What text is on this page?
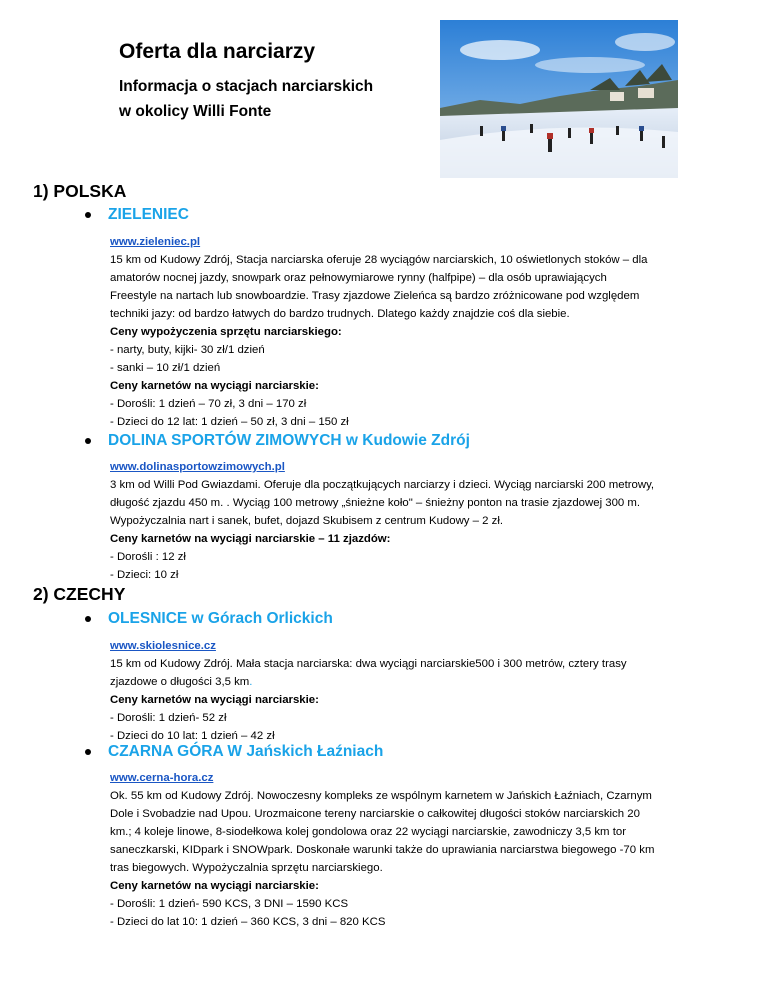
Oferta dla narciarzy
Informacja o stacjach narciarskich
w okolicy Willi Fonte
1) POLSKA
ZIELENIEC
www.zieleniec.pl
15 km od Kudowy Zdrój, Stacja narciarska oferuje 28 wyciągów narciarskich, 10 oświetlonych stoków – dla
amatorów nocnej jazdy, snowpark oraz pełnowymiarowe rynny (halfpipe) – dla osób uprawiających
Freestyle na nartach lub snowboardzie. Trasy zjazdowe Zieleńca są bardzo zróżnicowane pod względem
techniki jazy: od bardzo łatwych do bardzo trudnych. Dlatego każdy znajdzie coś dla siebie.
Ceny wypożyczenia sprzętu narciarskiego:
- narty, buty, kijki- 30 zł/1 dzień
- sanki – 10 zł/1 dzień
Ceny karnetów na wyciągi narciarskie:
- Dorośli: 1 dzień – 70 zł, 3 dni – 170 zł
- Dzieci do 12 lat: 1 dzień – 50 zł, 3 dni – 150 zł
DOLINA SPORTÓW ZIMOWYCH w Kudowie Zdrój
www.dolinasportowzimowych.pl
3 km od Willi Pod Gwiazdami. Oferuje dla początkujących narciarzy i dzieci. Wyciąg narciarski 200 metrowy,
długość zjazdu 450 m. . Wyciąg 100 metrowy „śnieżne koło" – śnieżny ponton na trasie zjazdowej 300 m.
Wypożyczalnia nart i sanek, bufet, dojazd Skubisem z centrum Kudowy – 2 zł.
Ceny karnetów na wyciągi narciarskie – 11 zjazdów:
- Dorośli : 12 zł
- Dzieci: 10 zł
2) CZECHY
OLESNICE w Górach Orlickich
www.skiolesnice.cz
15 km od Kudowy Zdrój. Mała stacja narciarska: dwa wyciągi narciarskie500 i 300 metrów, cztery trasy
zjazdowe o długości 3,5 km.
Ceny karnetów na wyciągi narciarskie:
- Dorośli: 1 dzień- 52 zł
- Dzieci do 10 lat: 1 dzień – 42 zł
CZARNA GÓRA W Jańskich Łaźniach
www.cerna-hora.cz
Ok. 55 km od Kudowy Zdrój. Nowoczesny kompleks ze wspólnym karnetem w Jańskich Łaźniach, Czarnym
Dole i Svobadzie nad Upou. Urozmaicone tereny narciarskie o całkowitej długości stoków narciarskich 20
km.; 4 koleje linowe, 8-siodełkowa kolej gondolowa oraz 22 wyciągi narciarskie, zawodniczy 3,5 km tor
saneczkarski, KIDpark i SNOWpark. Doskonałe warunki także do uprawiania narciarstwa biegowego -70 km
tras biegowych. Wypożyczalnia sprzętu narciarskiego.
Ceny karnetów na wyciągi narciarskie:
- Dorośli: 1 dzień- 590 KCS, 3 DNI – 1590 KCS
- Dzieci do lat 10: 1 dzień – 360 KCS, 3 dni – 820 KCS
